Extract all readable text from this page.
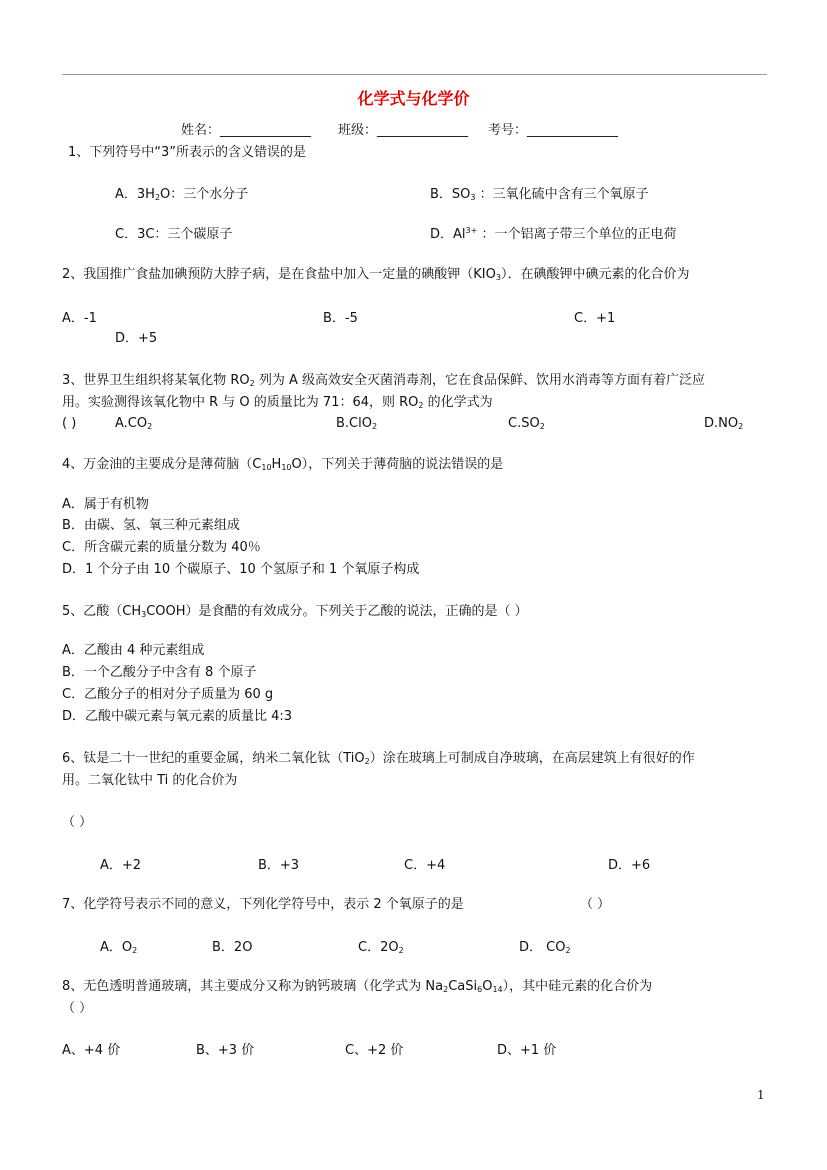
化学式与化学价
姓名：______________ 班级：______________ 考号：______________
1、下列符号中“3”所表示的含义错误的是
A．$3H_2O$：三个水分子	B．$SO_3$ ：三氧化硫中含有三个氧原子
C．3C：三个碳原子	D．$Al^{3+}$ ：一个铝离子带三个单位的正电荷
2、我国推广食盐加碘预防大脖子病，是在食盐中加入一定量的碘酸钾$(KIO_3)$．在碘酸钾中碘元素的化合价为
A．-1	B．-5	C．+1
D．+5
3、世界卫生组织将某氧化物 $RO_2$ 列为 A 级高效安全灭菌消毒剂，它在食品保鲜、饮用水消毒等方面有着广泛应
用。实验测得该氧化物中 R 与 O 的质量比为 71：64，则 $RO_2$ 的化学式为
( )	$A.CO_2$	B.ClO$_2$	$C.SO_2$	$D.NO_2$
4、万金油的主要成分是薄荷脑$(C_{10}H_{10}O)$，下列关于薄荷脑的说法错误的是
A．属于有机物
B．由碳、氢、氧三种元素组成
C．所含碳元素的质量分数为 40％
D．1 个分子由 10 个碳原子、10 个氢原子和 1 个氧原子构成
5、乙酸$(CH_3COOH)$是食醋的有效成分。下列关于乙酸的说法，正确的是（ ）
A．乙酸由 4 种元素组成
B．一个乙酸分子中含有 8 个原子
C．乙酸分子的相对分子质量为 60 g
D．乙酸中碳元素与氧元素的质量比 4:3
6、钛是二十一世纪的重要金属，纳米二氧化钛（TiO$_2$）涂在玻璃上可制成自净玻璃，在高层建筑上有很好的作
用。二氧化钛中 Ti 的化合价为
（ ）
A．+2	B．+3	C．+4	D．+6
7、化学符号表示不同的意义，下列化学符号中，表示 2 个氧原子的是	（ ）
A．$O_2$	B．2O	C．$2O_2$	D． $CO_2$
8、无色透明普通玻璃，其主要成分又称为钠钙玻璃（化学式为 $Na_2CaSi_6O_{14}$），其中硅元素的化合价为
（ ）
A、+4 价	B、+3 价	C、+2 价	D、+1 价
1
